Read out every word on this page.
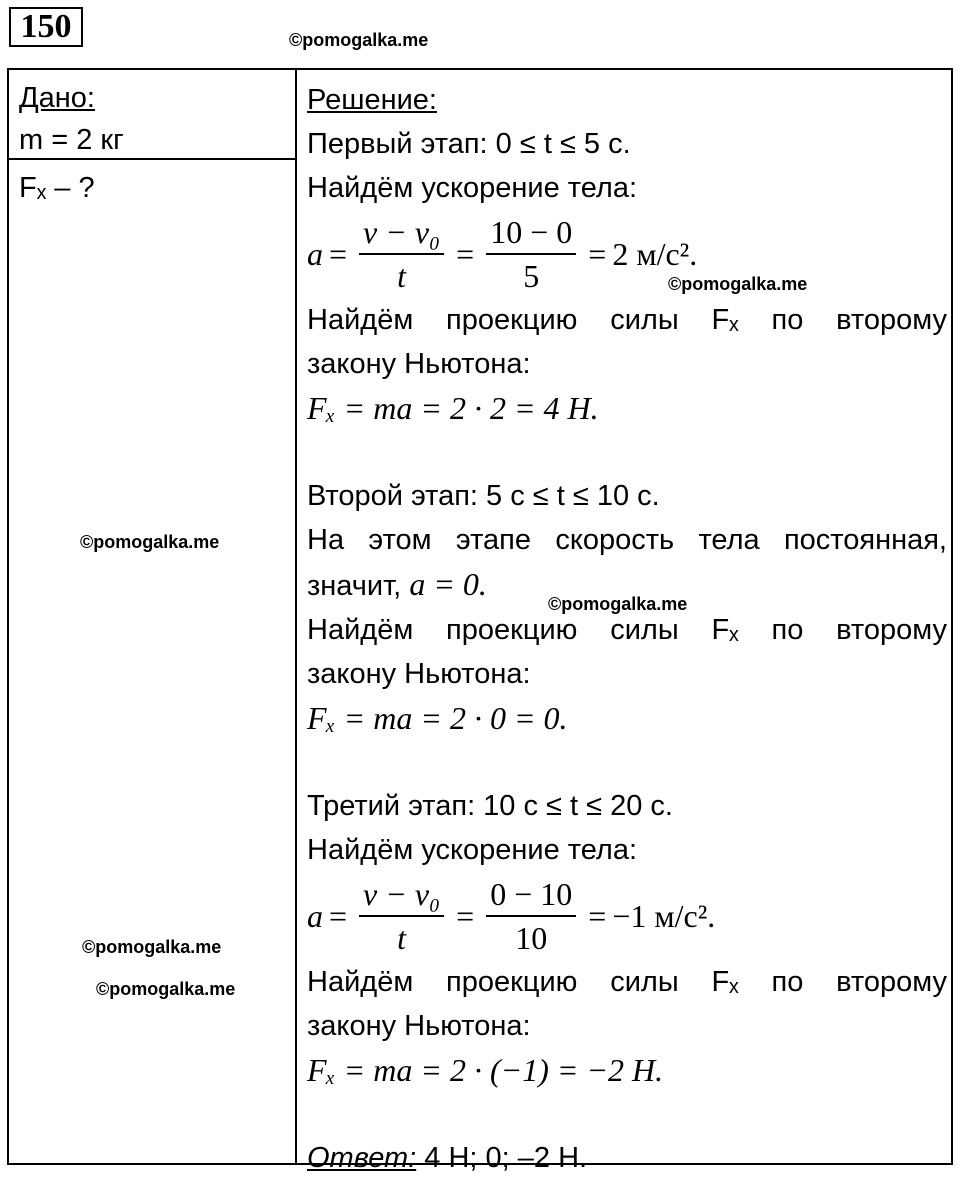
150	©pomogalka.me
Дано:
m = 2 кг
Fₓ – ?
Решение:
Первый этап: 0 ≤ t ≤ 5 с.
Найдём ускорение тела:
$a = \frac{\text{v − v₀}}{t} = \frac{10 - 0}{5} = 2$ м/с².
Найдём проекцию силы Fₓ по второму
закону Ньютона:
Fₓ = ma = 2 · 2 = 4 Н.
Второй этап: 5 с ≤ t ≤ 10 с.
На этом этапе скорость тела постоянная,
значит, a = 0.
Найдём проекцию силы Fₓ по второму
закону Ньютона:
Fₓ = ma = 2 · 0 = 0.
Третий этап: 10 с ≤ t ≤ 20 с.
Найдём ускорение тела:
$a = \frac{\text{v − v₀}}{t} = \frac{0 - 10}{10} = -1$ м/с².
Найдём проекцию силы Fₓ по второму
закону Ньютона:
Fₓ = ma = 2 · (−1) = −2 Н.
Ответ: 4 Н; 0; –2 Н.
©pomogalka.me
©pomogalka.me
©pomogalka.me
©pomogalka.me
©pomogalka.me
